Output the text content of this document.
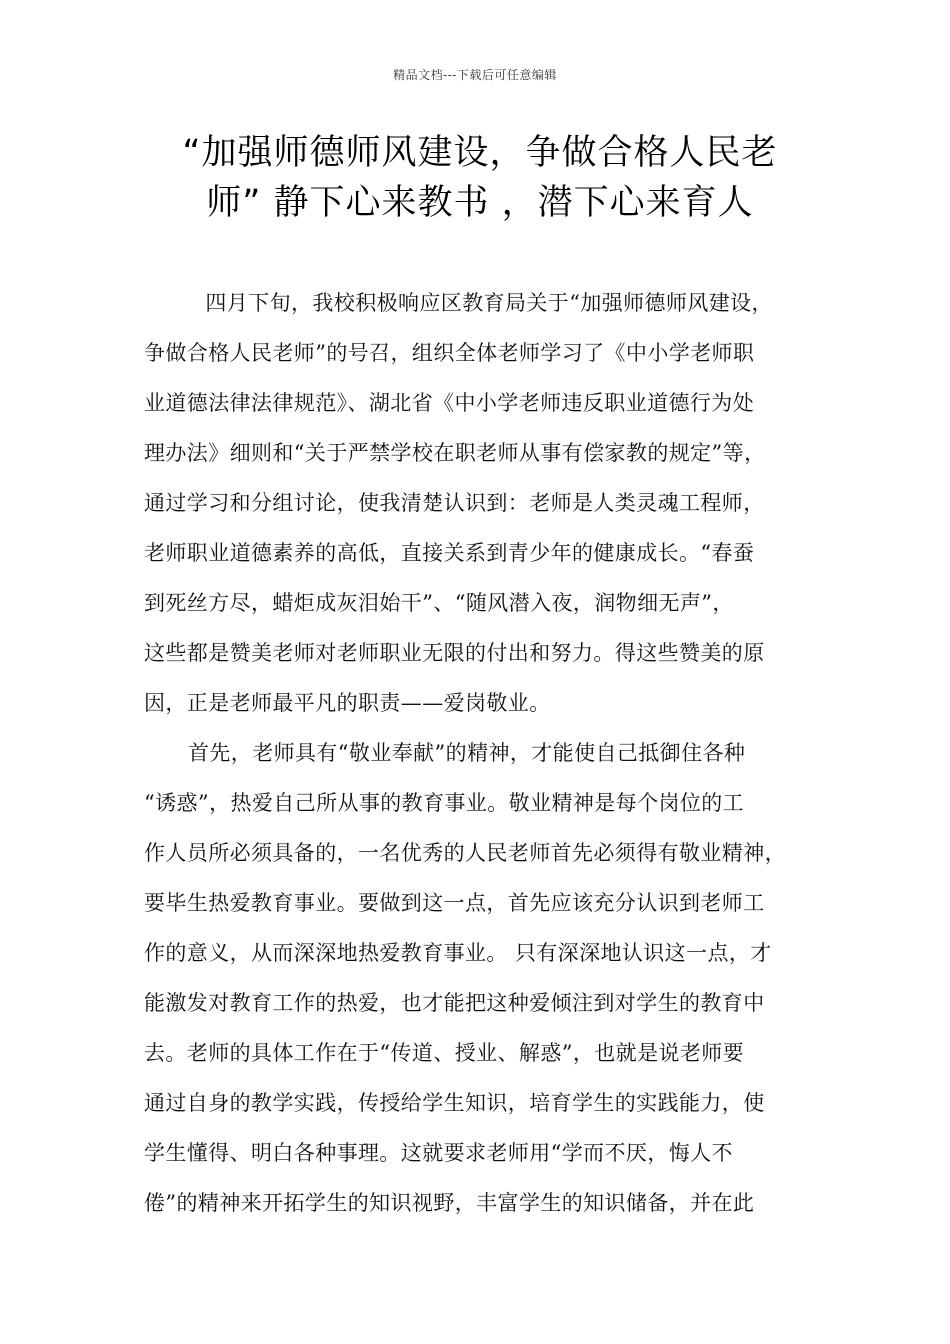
精品文档---下载后可任意编辑
“加强师德师风建设，争做合格人民老
师” 静下心来教书 ，潜下心来育人
　四月下旬，我校积极响应区教育局关于“加强师德师风建设，
争做合格人民老师”的号召，组织全体老师学习了《中小学老师职
业道德法律法律规范》、湖北省《中小学老师违反职业道德行为处
理办法》细则和“关于严禁学校在职老师从事有偿家教的规定”等，
通过学习和分组讨论，使我清楚认识到：老师是人类灵魂工程师，
老师职业道德素养的高低，直接关系到青少年的健康成长。“春蚕
到死丝方尽，蜡炬成灰泪始干”、“随风潜入夜，润物细无声”，
这些都是赞美老师对老师职业无限的付出和努力。得这些赞美的原
因，正是老师最平凡的职责——爱岗敬业。
首先，老师具有“敬业奉献”的精神，才能使自己抵御住各种
“诱惑”，热爱自己所从事的教育事业。敬业精神是每个岗位的工
作人员所必须具备的，一名优秀的人民老师首先必须得有敬业精神，
要毕生热爱教育事业。要做到这一点，首先应该充分认识到老师工
作的意义，从而深深地热爱教育事业。 只有深深地认识这一点，才
能激发对教育工作的热爱，也才能把这种爱倾注到对学生的教育中
去。老师的具体工作在于“传道、授业、解惑”，也就是说老师要
通过自身的教学实践，传授给学生知识，培育学生的实践能力，使
学生懂得、明白各种事理。这就要求老师用“学而不厌，悔人不
倦”的精神来开拓学生的知识视野，丰富学生的知识储备，并在此
